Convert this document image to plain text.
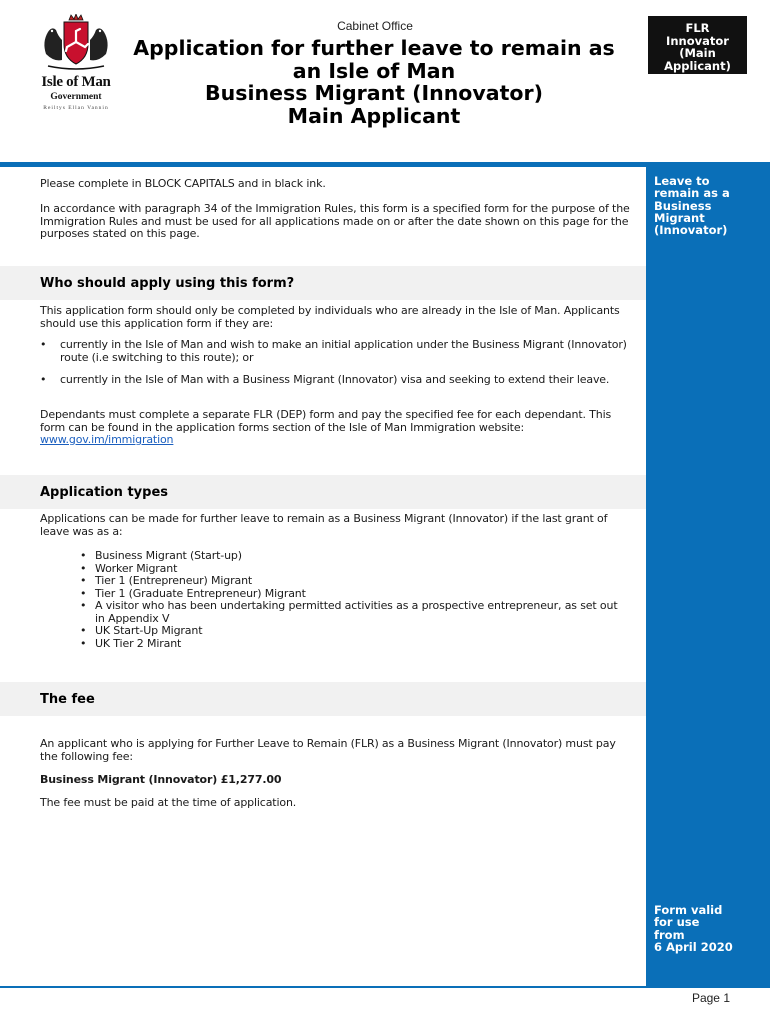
Isle of Man
Government
Reiltys Ellan Vannin
Cabinet Office
Application for further leave to remain as
an Isle of Man
Business Migrant (Innovator)
Main Applicant
FLR
Innovator
(Main
Applicant)
Leave to
remain as a
Business
Migrant
(Innovator)
Form valid
for use
from
6 April 2020
Please complete in BLOCK CAPITALS and in black ink.
In accordance with paragraph 34 of the Immigration Rules, this form is a specified form for the purpose of the Immigration Rules and must be used for all applications made on or after the date shown on this page for the purposes stated on this page.
Who should apply using this form?
This application form should only be completed by individuals who are already in the Isle of Man. Applicants should use this application form if they are:
• currently in the Isle of Man and wish to make an initial application under the Business Migrant (Innovator) route (i.e switching to this route); or
• currently in the Isle of Man with a Business Migrant (Innovator) visa and seeking to extend their leave.
Dependants must complete a separate FLR (DEP) form and pay the specified fee for each dependant. This form can be found in the application forms section of the Isle of Man Immigration website:
www.gov.im/immigration
Application types
Applications can be made for further leave to remain as a Business Migrant (Innovator) if the last grant of leave was as a:
• Business Migrant (Start-up)
• Worker Migrant
• Tier 1 (Entrepreneur) Migrant
• Tier 1 (Graduate Entrepreneur) Migrant
• A visitor who has been undertaking permitted activities as a prospective entrepreneur, as set out in Appendix V
• UK Start-Up Migrant
• UK Tier 2 Mirant
The fee
An applicant who is applying for Further Leave to Remain (FLR) as a Business Migrant (Innovator) must pay the following fee:
Business Migrant (Innovator) £1,277.00
The fee must be paid at the time of application.
Page 1
